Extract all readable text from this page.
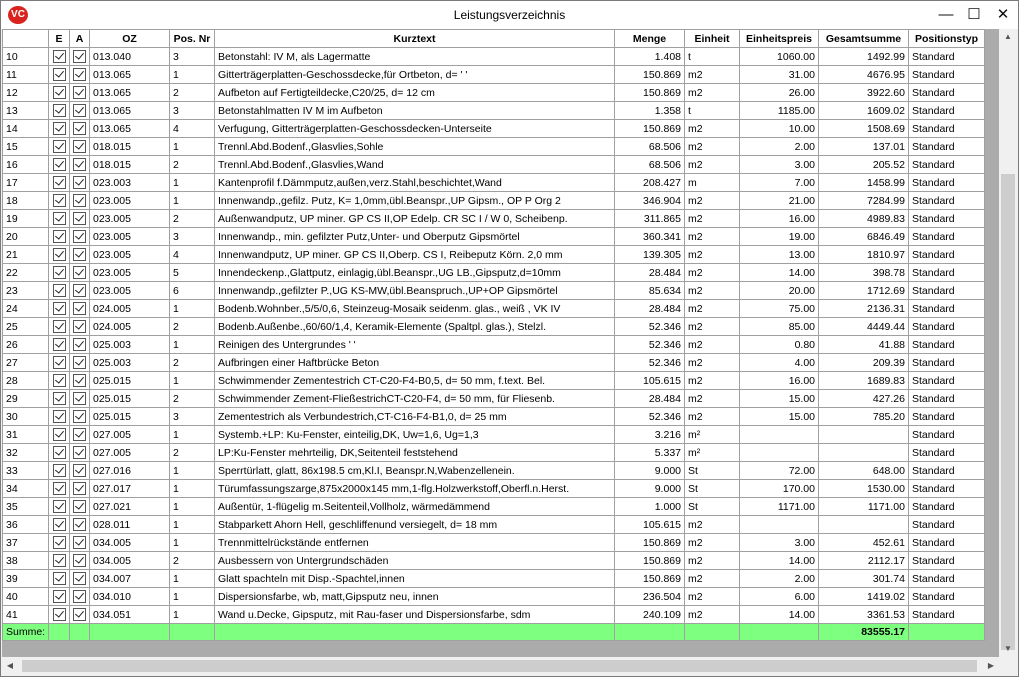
VC	Leistungsverzeichnis	— ☐	✕
	E	A	OZ	Pos. Nr	Kurztext	Menge	Einheit	Einheitspreis	Gesamtsumme	Positionstyp
10			013.040	3	Betonstahl: IV M, als Lagermatte	1.408	t	1060.00	1492.99	Standard
11			013.065	1	Gitterträgerplatten-Geschossdecke,für Ortbeton, d= ' '	150.869	m2	31.00	4676.95	Standard
12			013.065	2	Aufbeton auf Fertigteildecke,C20/25, d= 12 cm	150.869	m2	26.00	3922.60	Standard
13			013.065	3	Betonstahlmatten IV M im Aufbeton	1.358	t	1185.00	1609.02	Standard
14			013.065	4	Verfugung, Gitterträgerplatten-Geschossdecken-Unterseite	150.869	m2	10.00	1508.69	Standard
15			018.015	1	Trennl.Abd.Bodenf.,Glasvlies,Sohle	68.506	m2	2.00	137.01	Standard
16			018.015	2	Trennl.Abd.Bodenf.,Glasvlies,Wand	68.506	m2	3.00	205.52	Standard
17			023.003	1	Kantenprofil f.Dämmputz,außen,verz.Stahl,beschichtet,Wand	208.427	m	7.00	1458.99	Standard
18			023.005	1	Innenwandp.,gefilz. Putz, K= 1,0mm,übl.Beanspr.,UP Gipsm., OP P Org 2	346.904	m2	21.00	7284.99	Standard
19			023.005	2	Außenwandputz, UP miner. GP CS II,OP Edelp. CR SC I / W 0, Scheibenp.	311.865	m2	16.00	4989.83	Standard
20			023.005	3	Innenwandp., min. gefilzter Putz,Unter- und Oberputz Gipsmörtel	360.341	m2	19.00	6846.49	Standard
21			023.005	4	Innenwandputz, UP miner. GP CS II,Oberp. CS I, Reibeputz Körn. 2,0 mm	139.305	m2	13.00	1810.97	Standard
22			023.005	5	Innendeckenp.,Glattputz, einlagig,übl.Beanspr.,UG LB.,Gipsputz,d=10mm	28.484	m2	14.00	398.78	Standard
23			023.005	6	Innenwandp.,gefilzter P.,UG KS-MW,übl.Beanspruch.,UP+OP Gipsmörtel	85.634	m2	20.00	1712.69	Standard
24			024.005	1	Bodenb.Wohnber.,5/5/0,6, Steinzeug-Mosaik seidenm. glas., weiß , VK IV	28.484	m2	75.00	2136.31	Standard
25			024.005	2	Bodenb.Außenbe.,60/60/1,4, Keramik-Elemente (Spaltpl. glas.), Stelzl.	52.346	m2	85.00	4449.44	Standard
26			025.003	1	Reinigen des Untergrundes ' '	52.346	m2	0.80	41.88	Standard
27			025.003	2	Aufbringen einer Haftbrücke Beton	52.346	m2	4.00	209.39	Standard
28			025.015	1	Schwimmender Zementestrich CT-C20-F4-B0,5, d= 50 mm, f.text. Bel.	105.615	m2	16.00	1689.83	Standard
29			025.015	2	Schwimmender Zement-FließestrichCT-C20-F4, d= 50 mm, für Fliesenb.	28.484	m2	15.00	427.26	Standard
30			025.015	3	Zementestrich als Verbundestrich,CT-C16-F4-B1,0, d= 25 mm	52.346	m2	15.00	785.20	Standard
31			027.005	1	Systemb.+LP: Ku-Fenster, einteilig,DK, Uw=1,6, Ug=1,3	3.216	m²			Standard
32			027.005	2	LP:Ku-Fenster mehrteilig, DK,Seitenteil feststehend	5.337	m²			Standard
33			027.016	1	Sperrtürlatt, glatt, 86x198.5 cm,Kl.I, Beanspr.N,Wabenzellenein.	9.000	St	72.00	648.00	Standard
34			027.017	1	Türumfassungszarge,875x2000x145 mm,1-flg.Holzwerkstoff,Oberfl.n.Herst.	9.000	St	170.00	1530.00	Standard
35			027.021	1	Außentür, 1-flügelig m.Seitenteil,Vollholz, wärmedämmend	1.000	St	1171.00	1171.00	Standard
36			028.011	1	Stabparkett Ahorn Hell, geschliffenund versiegelt, d= 18 mm	105.615	m2			Standard
37			034.005	1	Trennmittelrückstände entfernen	150.869	m2	3.00	452.61	Standard
38			034.005	2	Ausbessern von Untergrundschäden	150.869	m2	14.00	2112.17	Standard
39			034.007	1	Glatt spachteln mit Disp.-Spachtel,innen	150.869	m2	2.00	301.74	Standard
40			034.010	1	Dispersionsfarbe, wb, matt,Gipsputz neu, innen	236.504	m2	6.00	1419.02	Standard
41			034.051	1	Wand u.Decke, Gipsputz, mit Rau-faser und Dispersionsfarbe, sdm	240.109	m2	14.00	3361.53	Standard
Summe:									83555.17	
▲
▼
◀	▶
